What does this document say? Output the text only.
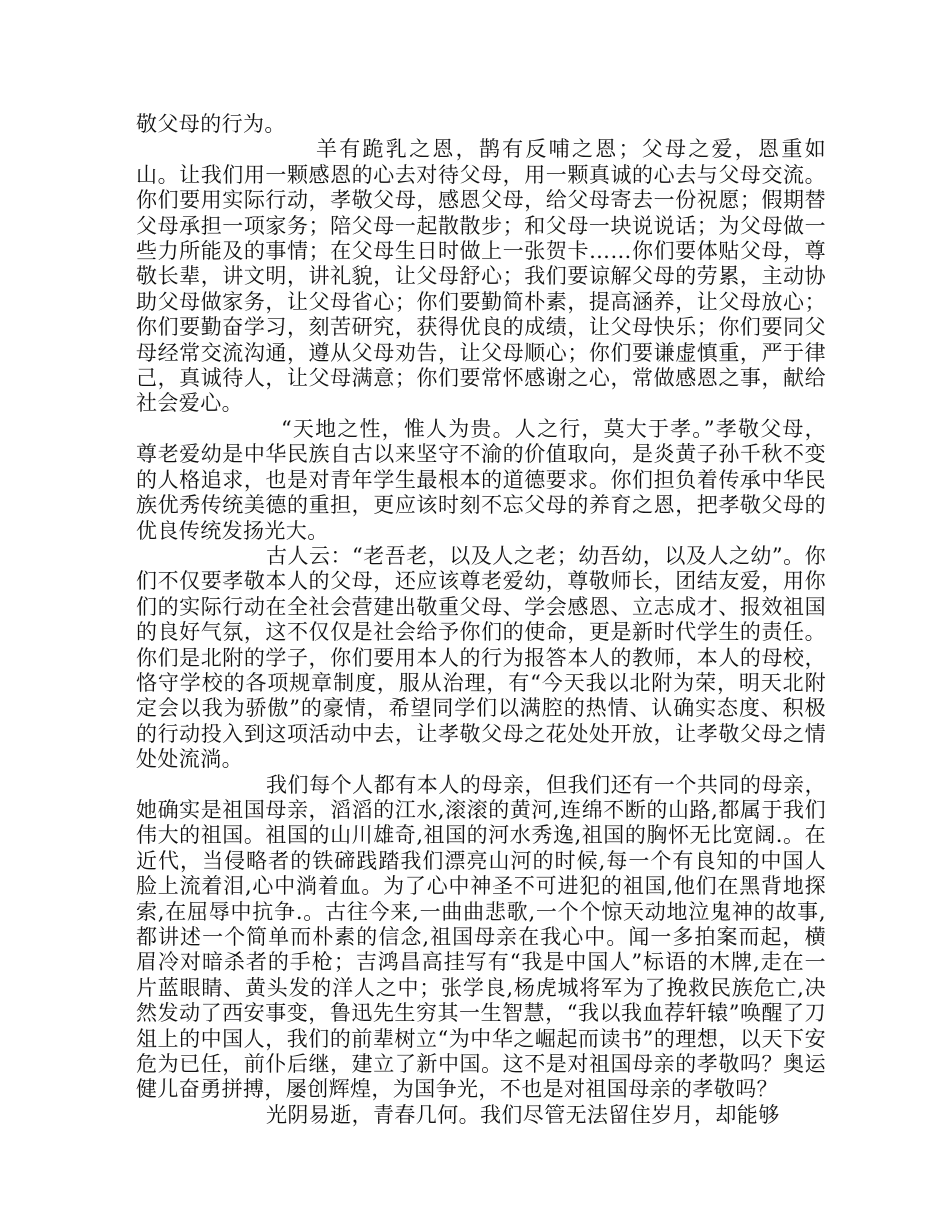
敬父母的行为。

羊有跪乳之恩，鹊有反哺之恩；父母之爱，恩重如山。让我们用一颗感恩的心去对待父母，用一颗真诚的心去与父母交流。你们要用实际行动，孝敬父母，感恩父母，给父母寄去一份祝愿；假期替父母承担一项家务；陪父母一起散散步；和父母一块说说话；为父母做一些力所能及的事情；在父母生日时做上一张贺卡……你们要体贴父母，尊敬长辈，讲文明，讲礼貌，让父母舒心；我们要谅解父母的劳累，主动协助父母做家务，让父母省心；你们要勤简朴素，提高涵养，让父母放心；你们要勤奋学习，刻苦研究，获得优良的成绩，让父母快乐；你们要同父母经常交流沟通，遵从父母劝告，让父母顺心；你们要谦虚慎重，严于律己，真诚待人，让父母满意；你们要常怀感谢之心，常做感恩之事，献给社会爱心。

“天地之性，惟人为贵。人之行，莫大于孝。”孝敬父母，尊老爱幼是中华民族自古以来坚守不渝的价值取向，是炎黄子孙千秋不变的人格追求，也是对青年学生最根本的道德要求。你们担负着传承中华民族优秀传统美德的重担，更应该时刻不忘父母的养育之恩，把孝敬父母的优良传统发扬光大。

古人云：“老吾老，以及人之老；幼吾幼，以及人之幼”。你们不仅要孝敬本人的父母，还应该尊老爱幼，尊敬师长，团结友爱，用你们的实际行动在全社会营建出敬重父母、学会感恩、立志成才、报效祖国的良好气氛，这不仅仅是社会给予你们的使命，更是新时代学生的责任。你们是北附的学子，你们要用本人的行为报答本人的教师，本人的母校，恪守学校的各项规章制度，服从治理，有“今天我以北附为荣，明天北附定会以我为骄傲”的豪情，希望同学们以满腔的热情、认确实态度、积极的行动投入到这项活动中去，让孝敬父母之花处处开放，让孝敬父母之情处处流淌。

我们每个人都有本人的母亲，但我们还有一个共同的母亲，她确实是祖国母亲，滔滔的江水,滚滚的黄河,连绵不断的山路,都属于我们伟大的祖国。祖国的山川雄奇,祖国的河水秀逸,祖国的胸怀无比宽阔.。在近代，当侵略者的铁碲践踏我们漂亮山河的时候,每一个有良知的中国人脸上流着泪,心中淌着血。为了心中神圣不可进犯的祖国,他们在黑背地探索,在屈辱中抗争.。古往今来,一曲曲悲歌,一个个惊天动地泣鬼神的故事,都讲述一个简单而朴素的信念,祖国母亲在我心中。闻一多拍案而起，横眉冷对暗杀者的手枪；吉鸿昌高挂写有“我是中国人”标语的木牌,走在一片蓝眼睛、黄头发的洋人之中；张学良,杨虎城将军为了挽救民族危亡,决然发动了西安事变，鲁迅先生穷其一生智慧，“我以我血荐轩辕”唤醒了刀俎上的中国人，我们的前辈树立“为中华之崛起而读书”的理想，以天下安危为已任，前仆后继，建立了新中国。这不是对祖国母亲的孝敬吗？奥运健儿奋勇拼搏，屡创辉煌，为国争光，不也是对祖国母亲的孝敬吗？

光阴易逝，青春几何。我们尽管无法留住岁月，却能够
